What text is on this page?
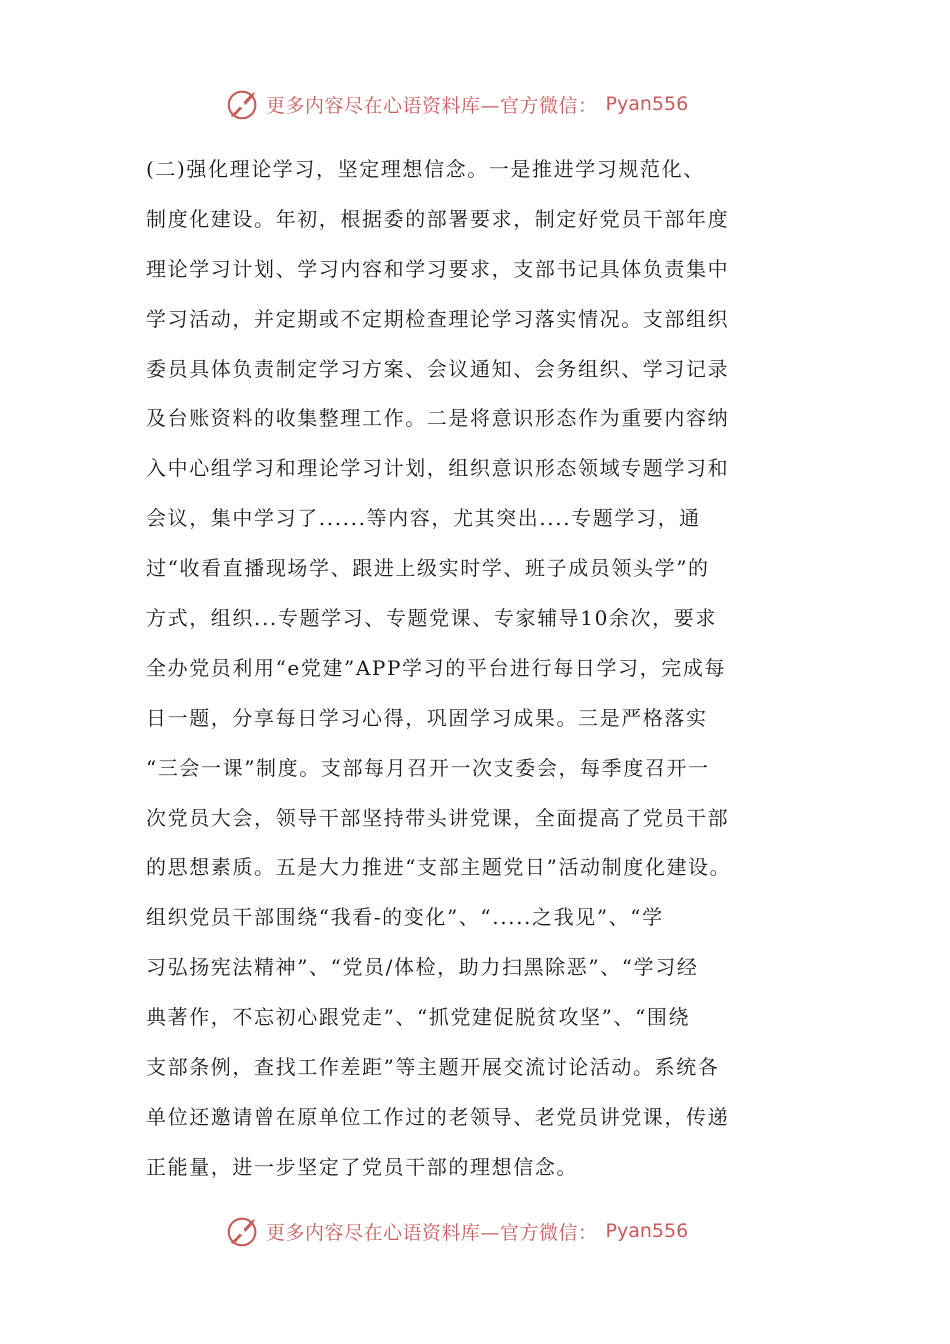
更多内容尽在心语资料库—官方微信： Pyan556
(二)强化理论学习，坚定理想信念。一是推进学习规范化、
制度化建设。年初，根据委的部署要求，制定好党员干部年度
理论学习计划、学习内容和学习要求，支部书记具体负责集中
学习活动，并定期或不定期检查理论学习落实情况。支部组织
委员具体负责制定学习方案、会议通知、会务组织、学习记录
及台账资料的收集整理工作。二是将意识形态作为重要内容纳
入中心组学习和理论学习计划，组织意识形态领域专题学习和
会议，集中学习了......等内容，尤其突出....专题学习，通
过“收看直播现场学、跟进上级实时学、班子成员领头学”的
方式，组织...专题学习、专题党课、专家辅导10余次，要求
全办党员利用“e党建”APP学习的平台进行每日学习，完成每
日一题，分享每日学习心得，巩固学习成果。三是严格落实
“三会一课”制度。支部每月召开一次支委会，每季度召开一
次党员大会，领导干部坚持带头讲党课，全面提高了党员干部
的思想素质。五是大力推进“支部主题党日”活动制度化建设。
组织党员干部围绕“我看-的变化”、“.....之我见”、“学
习弘扬宪法精神”、“党员/体检，助力扫黑除恶”、“学习经
典著作，不忘初心跟党走”、“抓党建促脱贫攻坚”、“围绕
支部条例，查找工作差距”等主题开展交流讨论活动。系统各
单位还邀请曾在原单位工作过的老领导、老党员讲党课，传递
正能量，进一步坚定了党员干部的理想信念。
更多内容尽在心语资料库—官方微信： Pyan556
